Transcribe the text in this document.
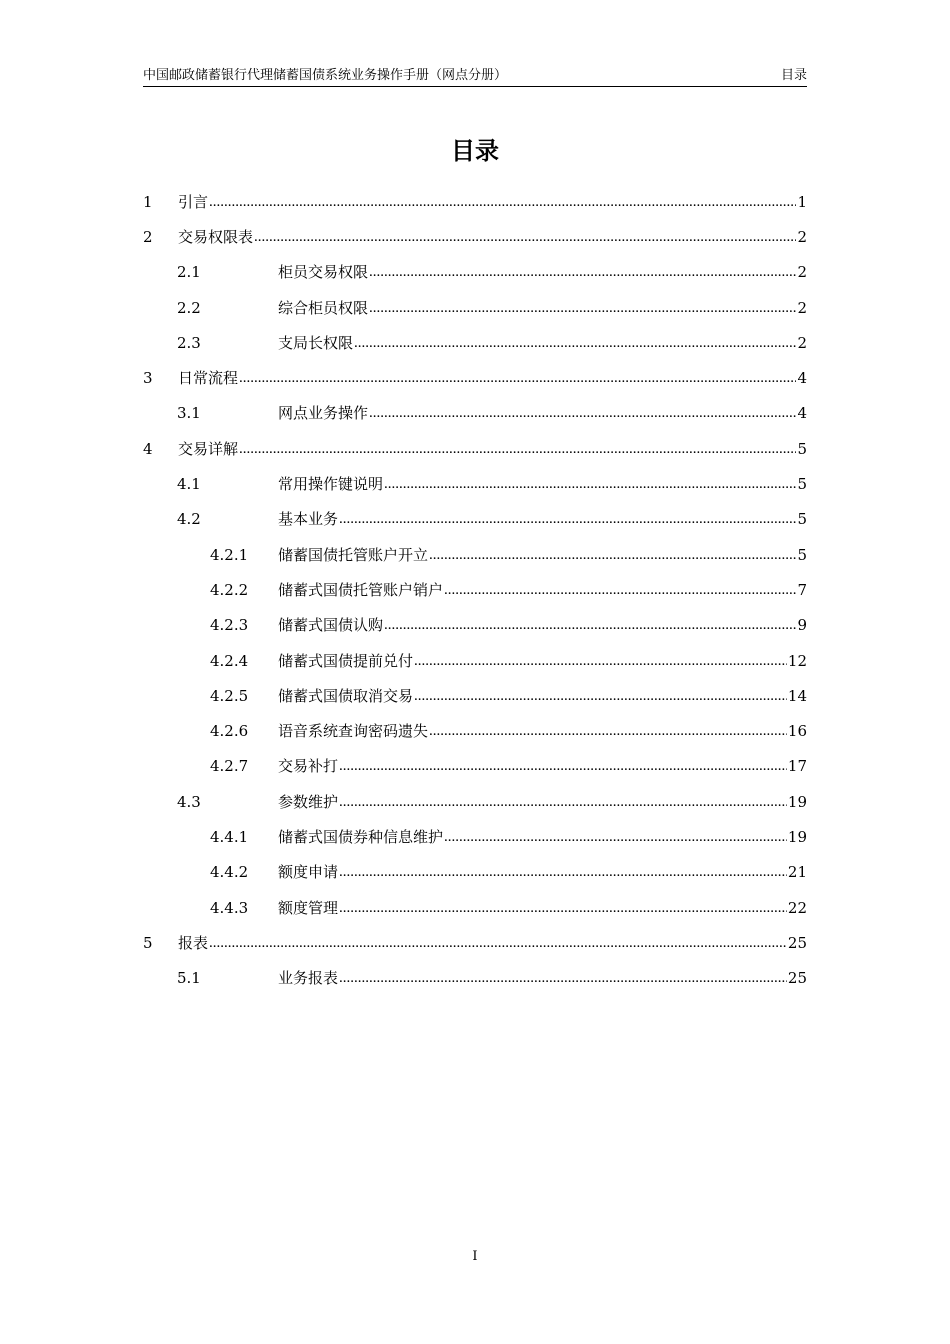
中国邮政储蓄银行代理储蓄国债系统业务操作手册（网点分册）	目录
目录
1	引言 .....	1
2	交易权限表 .....	2
2.1	柜员交易权限 .....	2
2.2	综合柜员权限 .....	2
2.3	支局长权限 .....	2
3	日常流程 .....	4
3.1	网点业务操作 .....	4
4	交易详解 .....	5
4.1	常用操作键说明 .....	5
4.2	基本业务 .....	5
4.2.1	储蓄国债托管账户开立 .....	5
4.2.2	储蓄式国债托管账户销户 .....	7
4.2.3	储蓄式国债认购 .....	9
4.2.4	储蓄式国债提前兑付 .....	12
4.2.5	储蓄式国债取消交易 .....	14
4.2.6	语音系统查询密码遗失 .....	16
4.2.7	交易补打 .....	17
4.3	参数维护 .....	19
4.4.1	储蓄式国债券种信息维护 .....	19
4.4.2	额度申请 .....	21
4.4.3	额度管理 .....	22
5	报表 .....	25
5.1	业务报表 .....	25
I
